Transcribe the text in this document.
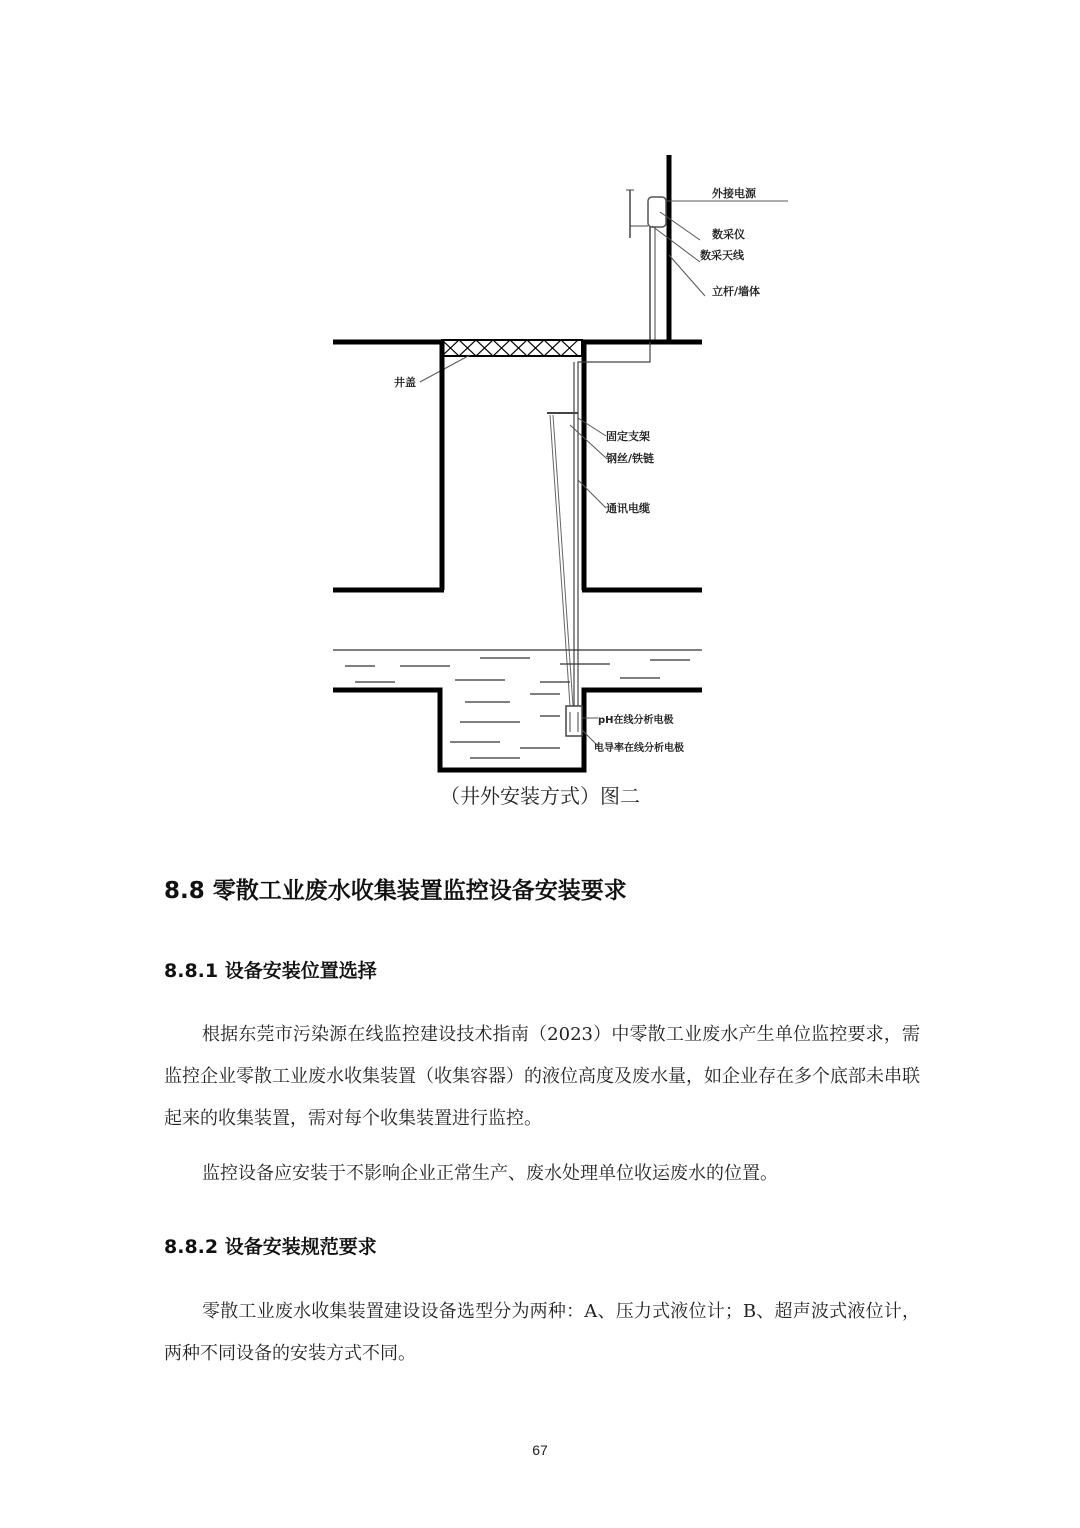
外接电源
数采仪
数采天线
立杆/墙体
井盖
固定支架
钢丝/铁链
通讯电缆
pH在线分析电极
电导率在线分析电极
（井外安装方式）图二
8.8 零散工业废水收集装置监控设备安装要求
8.8.1 设备安装位置选择

根据东莞市污染源在线监控建设技术指南（2023）中零散工业废水产生单位监控要求，需监控企业零散工业废水收集装置（收集容器）的液位高度及废水量，如企业存在多个底部未串联起来的收集装置，需对每个收集装置进行监控。

监控设备应安装于不影响企业正常生产、废水处理单位收运废水的位置。

8.8.2 设备安装规范要求

零散工业废水收集装置建设设备选型分为两种：A、压力式液位计；B、超声波式液位计，两种不同设备的安装方式不同。

67
